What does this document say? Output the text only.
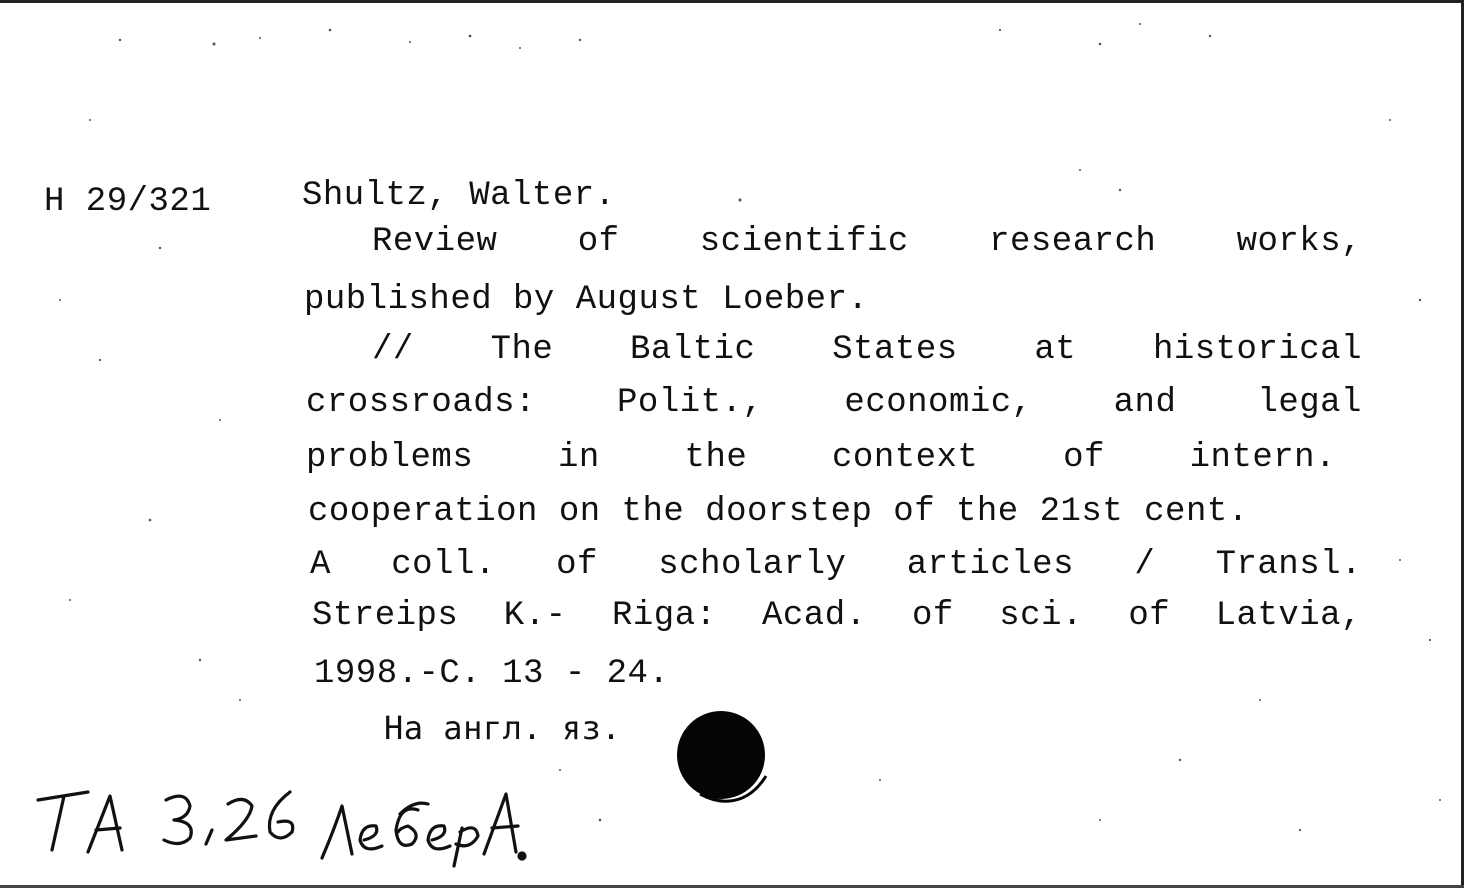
H 29/321	Shultz, Walter.
Review of scientific research works,
published by August Loeber.
// The Baltic States at historical
crossroads: Polit., economic, and legal
problems in the context of intern.
cooperation on the doorstep of the 21st cent.
A coll. of scholarly articles / Transl.
Streips K.- Riga: Acad. of sci. of Latvia,
1998.-C. 13 - 24.
На англ. яз.
